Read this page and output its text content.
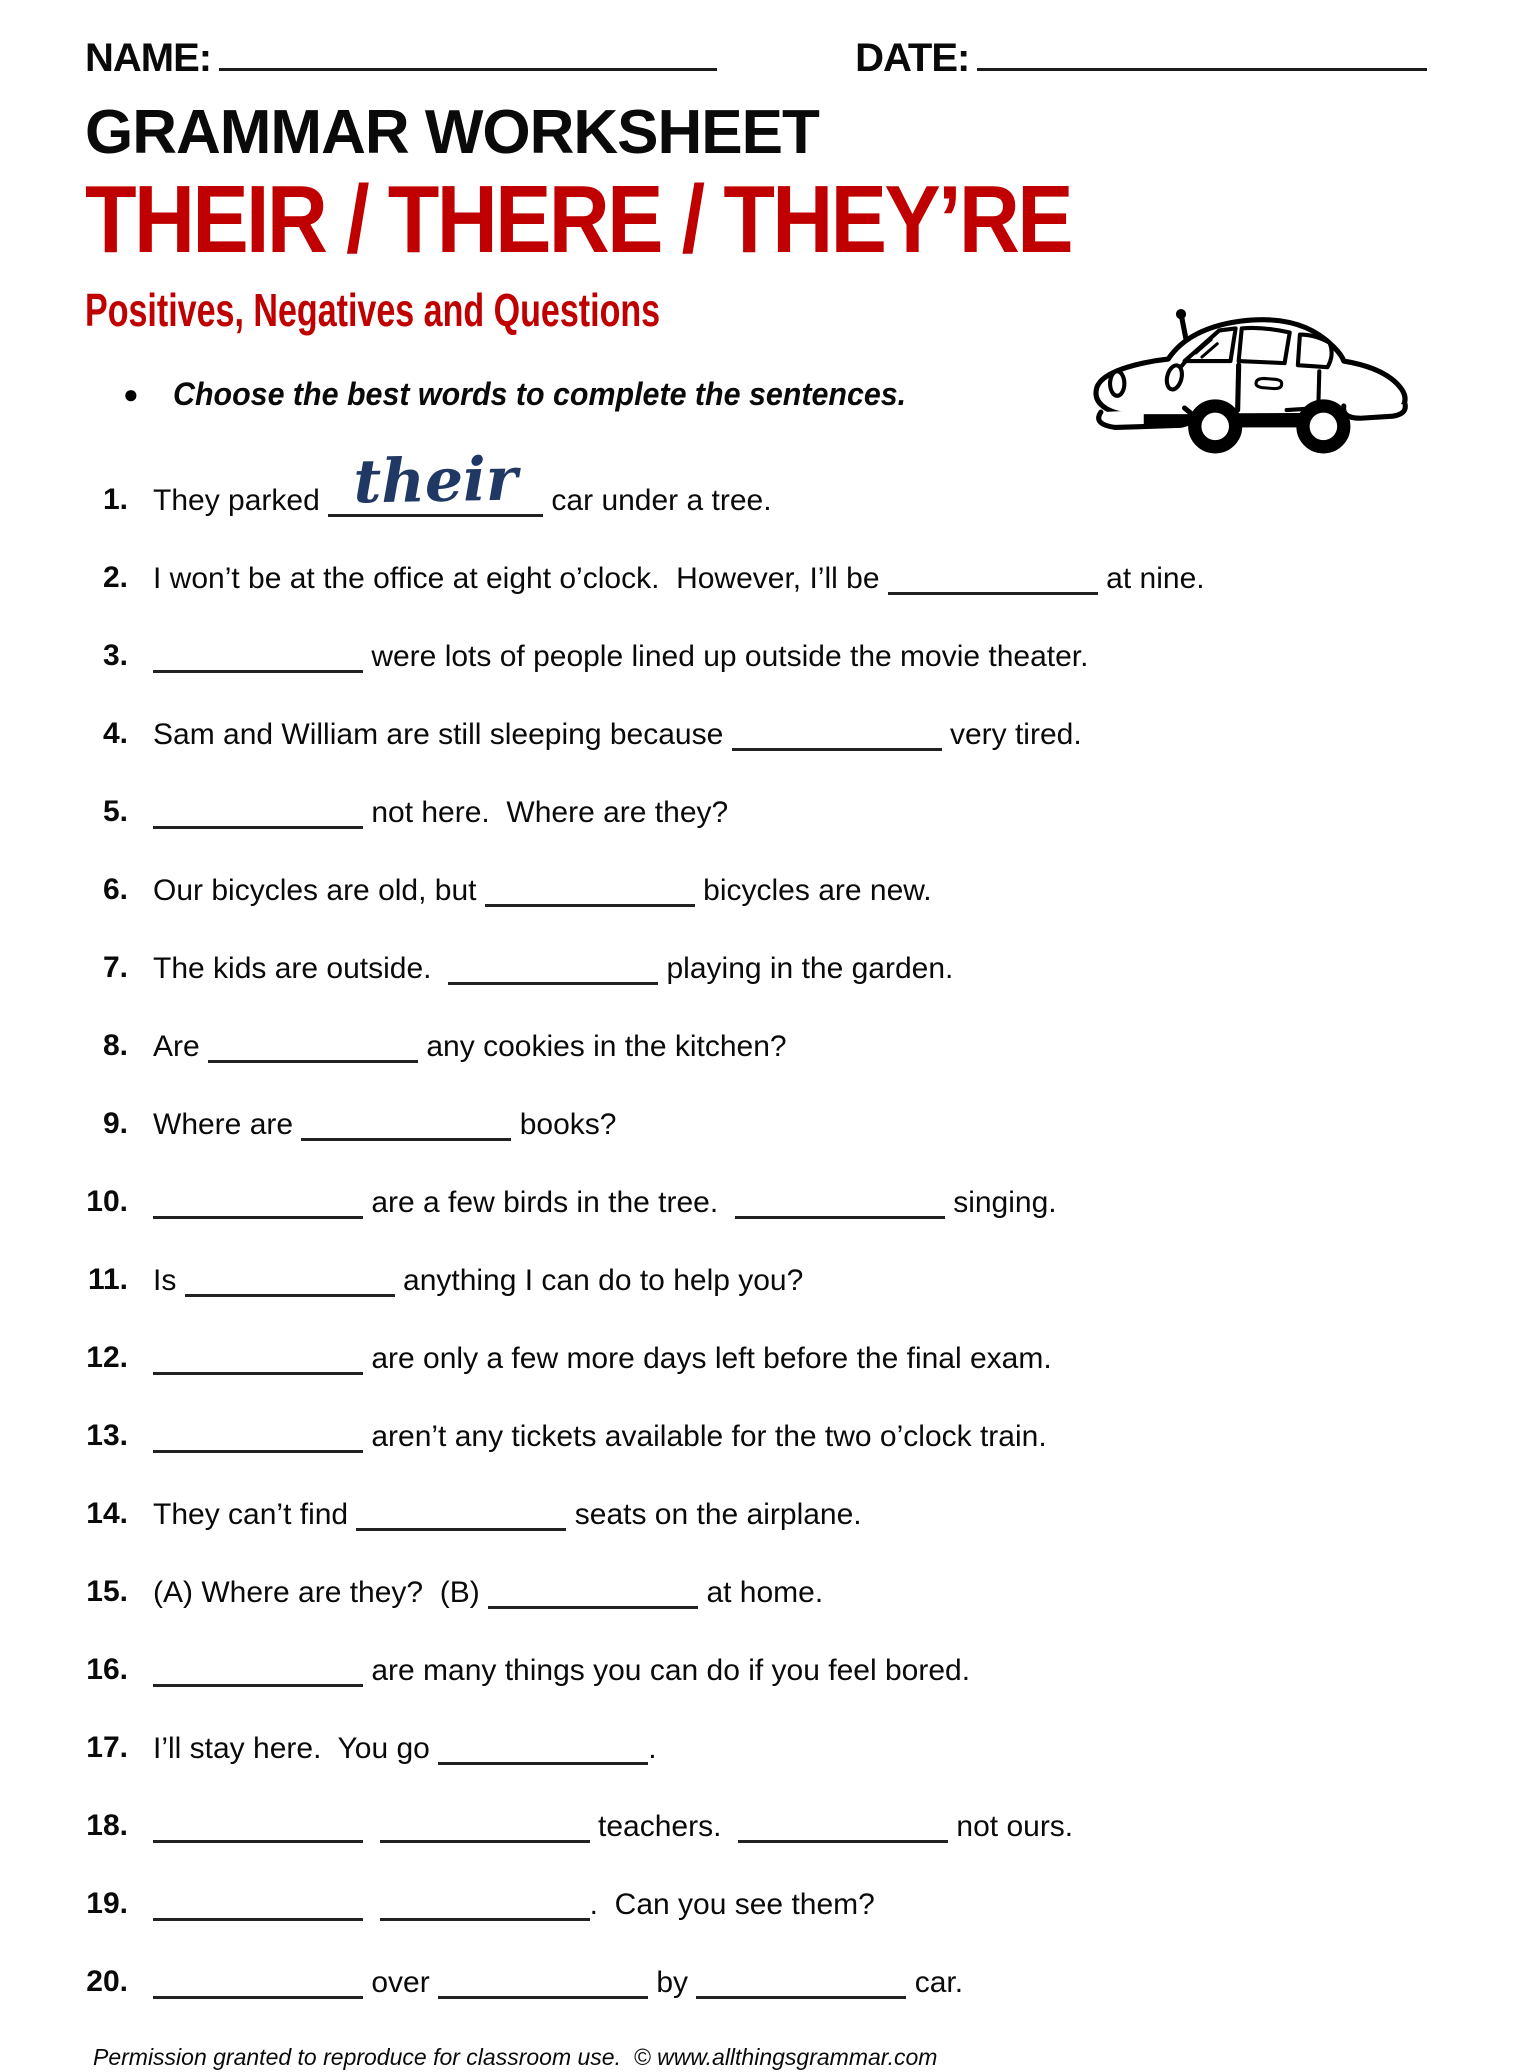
NAME:	DATE:
GRAMMAR WORKSHEET
THEIR / THERE / THEY’RE
Positives, Negatives and Questions
● Choose the best words to complete the sentences.
1. They parked their car under a tree.
2. I won’t be at the office at eight o’clock.  However, I’ll be	at nine.
3.	were lots of people lined up outside the movie theater.
4. Sam and William are still sleeping because	very tired.
5.	not here.  Where are they?
6. Our bicycles are old, but	bicycles are new.
7. The kids are outside.	playing in the garden.
8. Are	any cookies in the kitchen?
9. Where are	books?
10.	are a few birds in the tree.	singing.
11. Is	anything I can do to help you?
12.	are only a few more days left before the final exam.
13.	aren’t any tickets available for the two o’clock train.
14. They can’t find	seats on the airplane.
15. (A) Where are they?  (B)	at home.
16.	are many things you can do if you feel bored.
17. I’ll stay here.  You go	.
18.	teachers.	not ours.
19.	.  Can you see them?
20.	over	by	car.
Permission granted to reproduce for classroom use.  © www.allthingsgrammar.com
